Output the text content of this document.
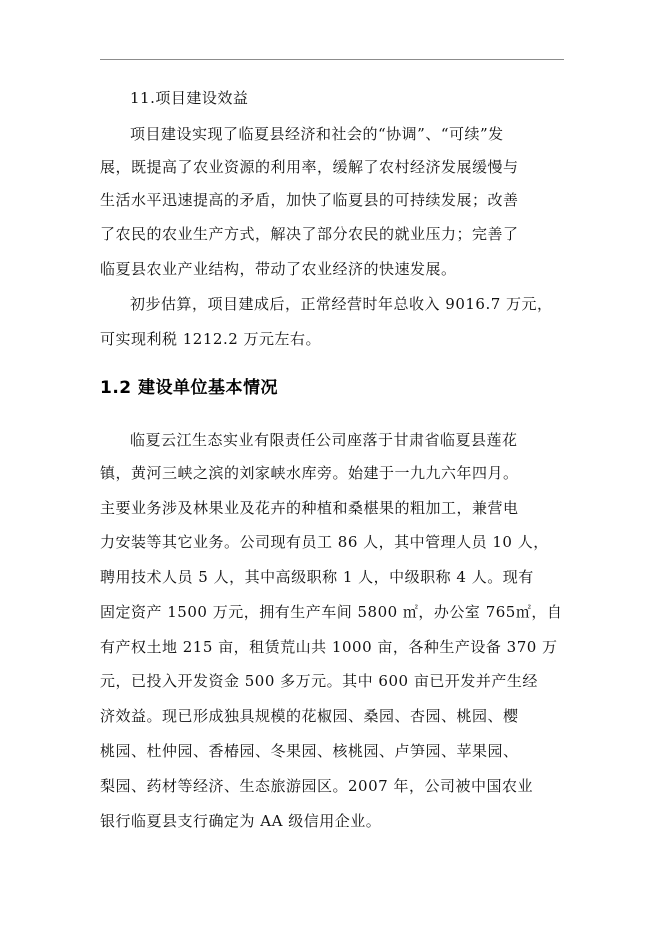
11.项目建设效益

项目建设实现了临夏县经济和社会的“协调”、“可续”发

展，既提高了农业资源的利用率，缓解了农村经济发展缓慢与

生活水平迅速提高的矛盾，加快了临夏县的可持续发展；改善

了农民的农业生产方式，解决了部分农民的就业压力；完善了

临夏县农业产业结构，带动了农业经济的快速发展。

初步估算，项目建成后，正常经营时年总收入 9016.7 万元，

可实现利税 1212.2 万元左右。

1.2 建设单位基本情况

临夏云江生态实业有限责任公司座落于甘肃省临夏县莲花

镇，黄河三峡之滨的刘家峡水库旁。始建于一九九六年四月。

主要业务涉及林果业及花卉的种植和桑椹果的粗加工，兼营电

力安装等其它业务。公司现有员工 86 人，其中管理人员 10 人，

聘用技术人员 5 人，其中高级职称 1 人，中级职称 4 人。现有

固定资产 1500 万元，拥有生产车间 5800 ㎡，办公室 765㎡，自

有产权土地 215 亩，租赁荒山共 1000 亩，各种生产设备 370 万

元，已投入开发资金 500 多万元。其中 600 亩已开发并产生经

济效益。现已形成独具规模的花椒园、桑园、杏园、桃园、樱

桃园、杜仲园、香椿园、冬果园、核桃园、卢笋园、苹果园、

梨园、药材等经济、生态旅游园区。2007 年，公司被中国农业

银行临夏县支行确定为 AA 级信用企业。
